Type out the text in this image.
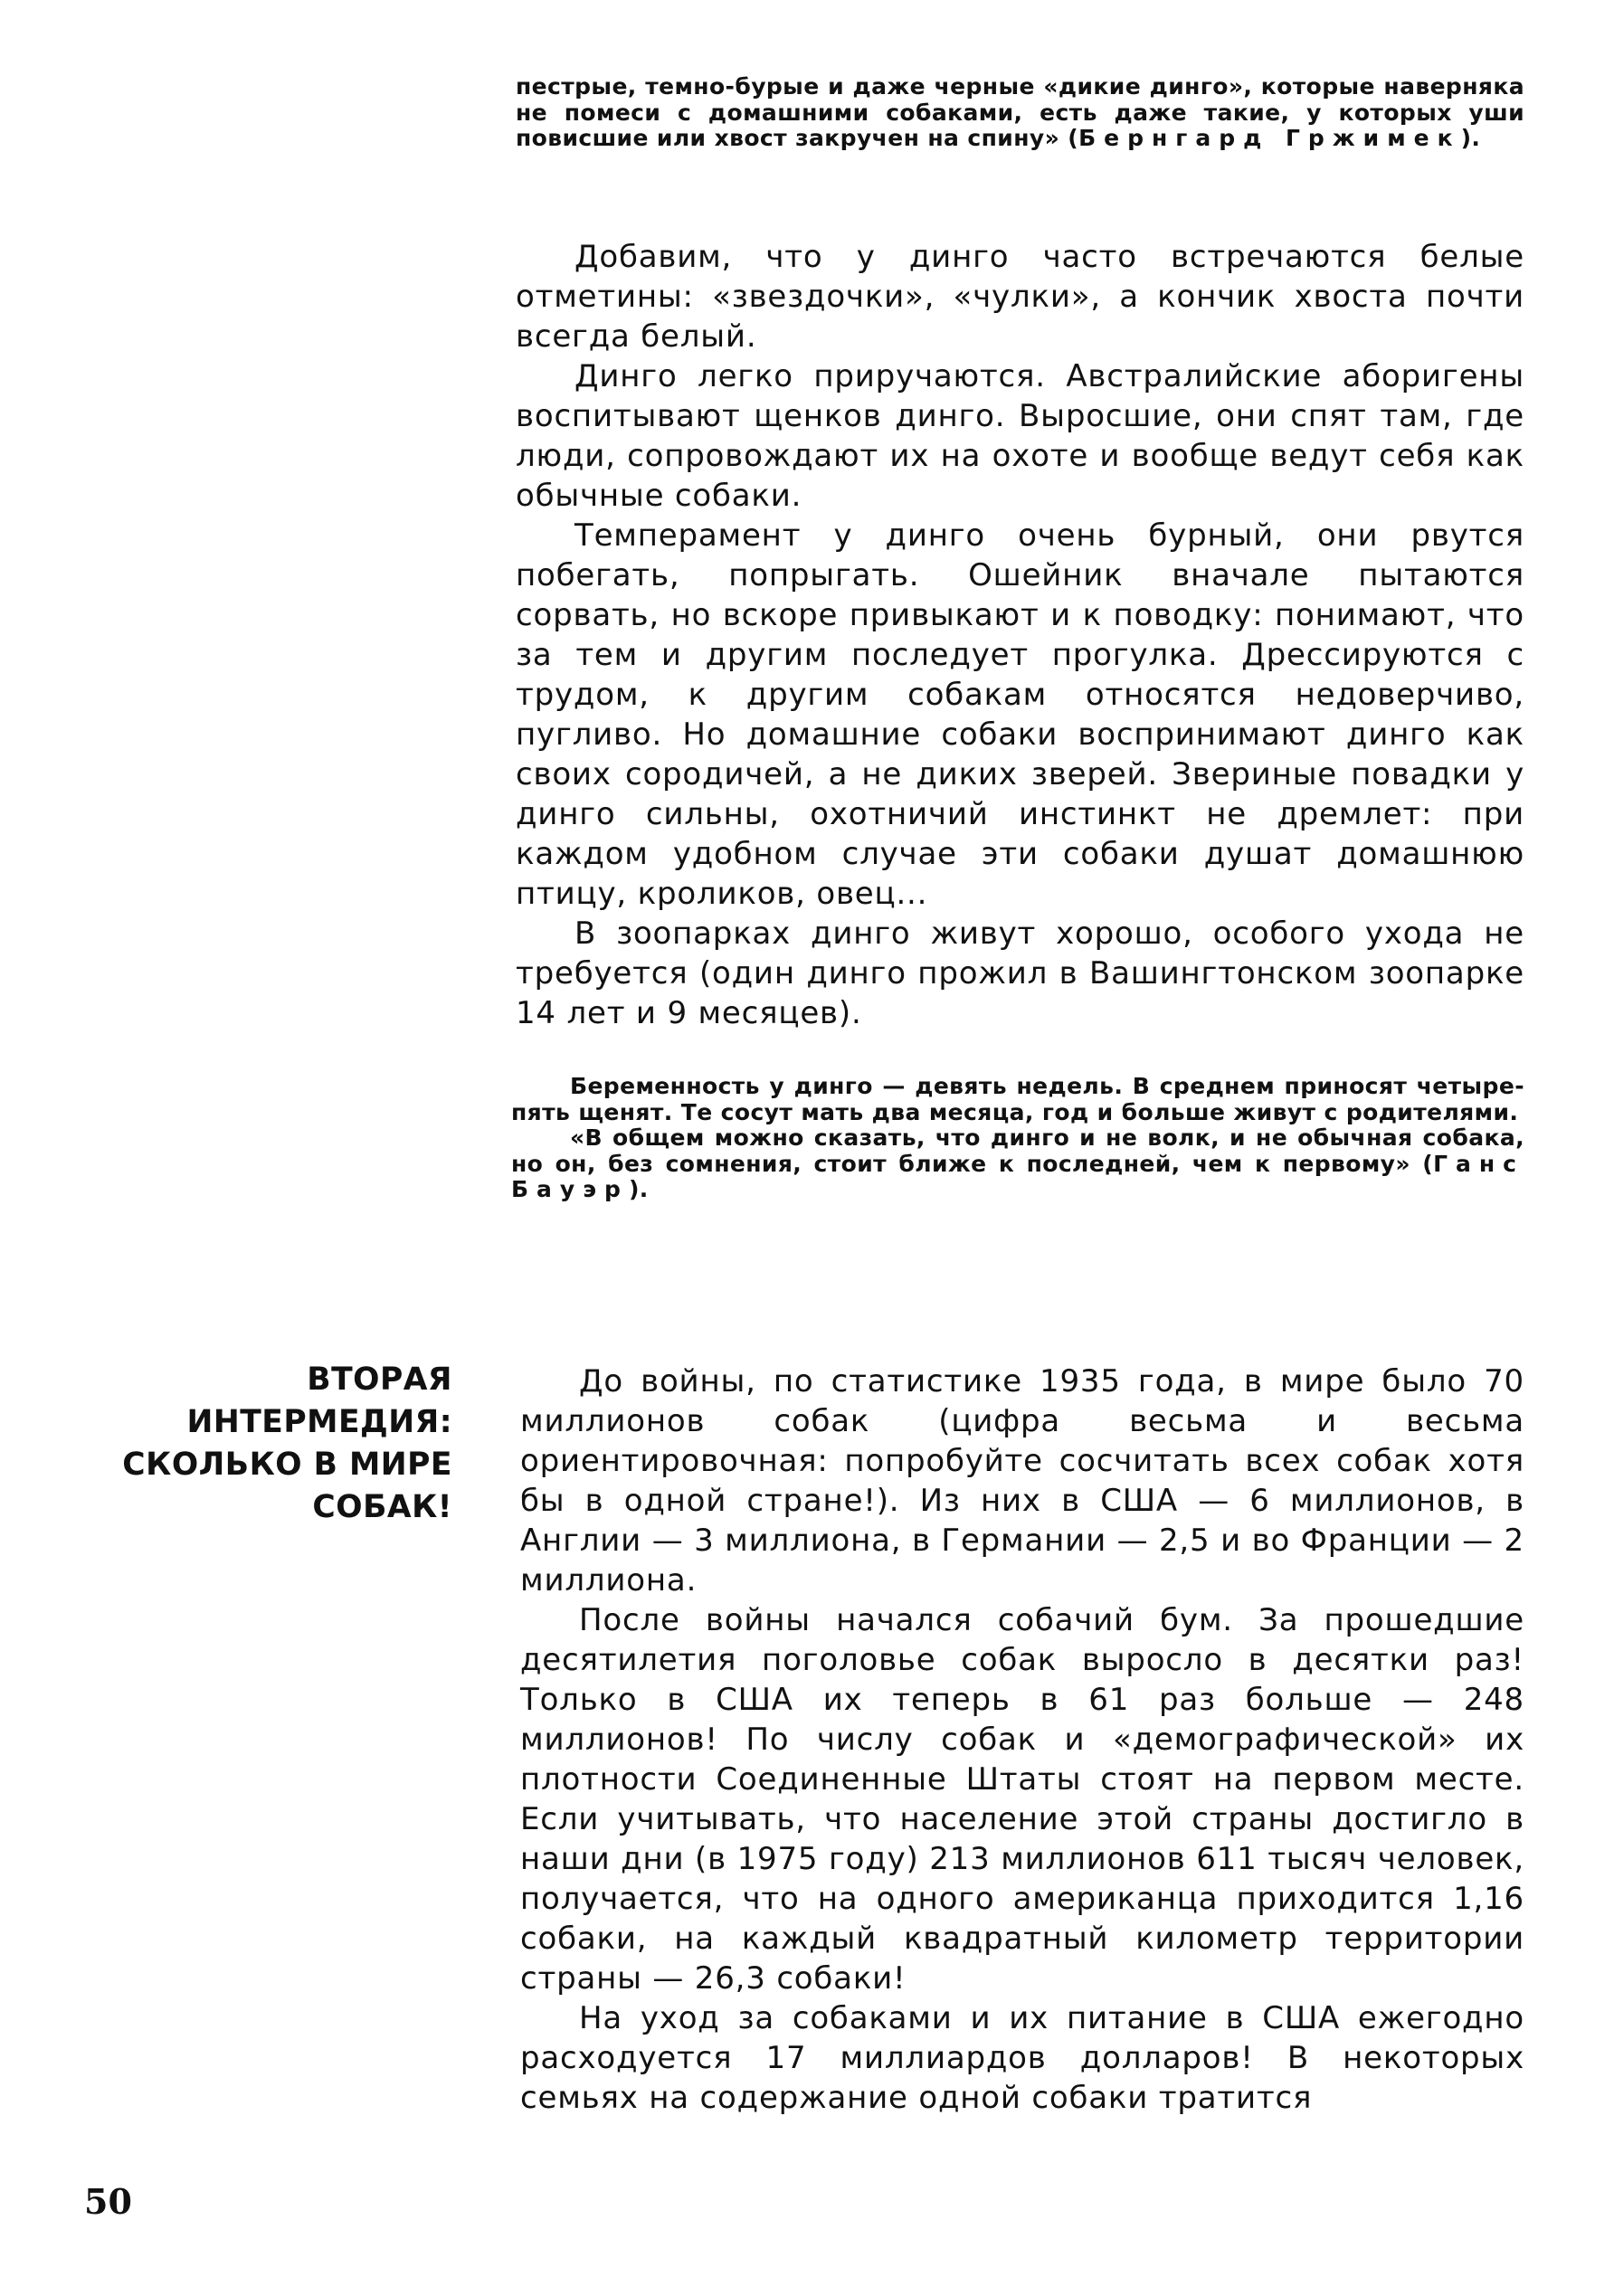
пестрые, темно-бурые и даже черные «дикие динго», которые наверняка не помеси с домашними собаками, есть даже такие, у которых уши повисшие или хвост закручен на спину» (Бернгард Гржимек).

Добавим, что у динго часто встречаются белые отметины: «звездочки», «чулки», а кончик хвоста почти всегда белый.

Динго легко приручаются. Австралийские аборигены воспитывают щенков динго. Выросшие, они спят там, где люди, сопровождают их на охоте и вообще ведут себя как обычные собаки.

Темперамент у динго очень бурный, они рвутся побегать, попрыгать. Ошейник вначале пытаются сорвать, но вскоре привыкают и к поводку: понимают, что за тем и другим последует прогулка. Дрессируются с трудом, к другим собакам относятся недоверчиво, пугливо. Но домашние собаки воспринимают динго как своих сородичей, а не диких зверей. Звериные повадки у динго сильны, охотничий инстинкт не дремлет: при каждом удобном случае эти собаки душат домашнюю птицу, кроликов, овец...

В зоопарках динго живут хорошо, особого ухода не требуется (один динго прожил в Вашингтонском зоопарке 14 лет и 9 месяцев).

Беременность у динго — девять недель. В среднем приносят четыре-пять щенят. Те сосут мать два месяца, год и больше живут с родителями.

«В общем можно сказать, что динго и не волк, и не обычная собака, но он, без сомнения, стоит ближе к последней, чем к первому» (Ганс Бауэр).

ВТОРАЯ
ИНТЕРМЕДИЯ:
СКОЛЬКО В МИРЕ
СОБАК!

До войны, по статистике 1935 года, в мире было 70 миллионов собак (цифра весьма и весьма ориентировочная: попробуйте сосчитать всех собак хотя бы в одной стране!). Из них в США — 6 миллионов, в Англии — 3 миллиона, в Германии — 2,5 и во Франции — 2 миллиона.

После войны начался собачий бум. За прошедшие десятилетия поголовье собак выросло в десятки раз! Только в США их теперь в 61 раз больше — 248 миллионов! По числу собак и «демографической» их плотности Соединенные Штаты стоят на первом месте. Если учитывать, что население этой страны достигло в наши дни (в 1975 году) 213 миллионов 611 тысяч человек, получается, что на одного американца приходится 1,16 собаки, на каждый квадратный километр территории страны — 26,3 собаки!

На уход за собаками и их питание в США ежегодно расходуется 17 миллиардов долларов! В некоторых семьях на содержание одной собаки тратится

50
